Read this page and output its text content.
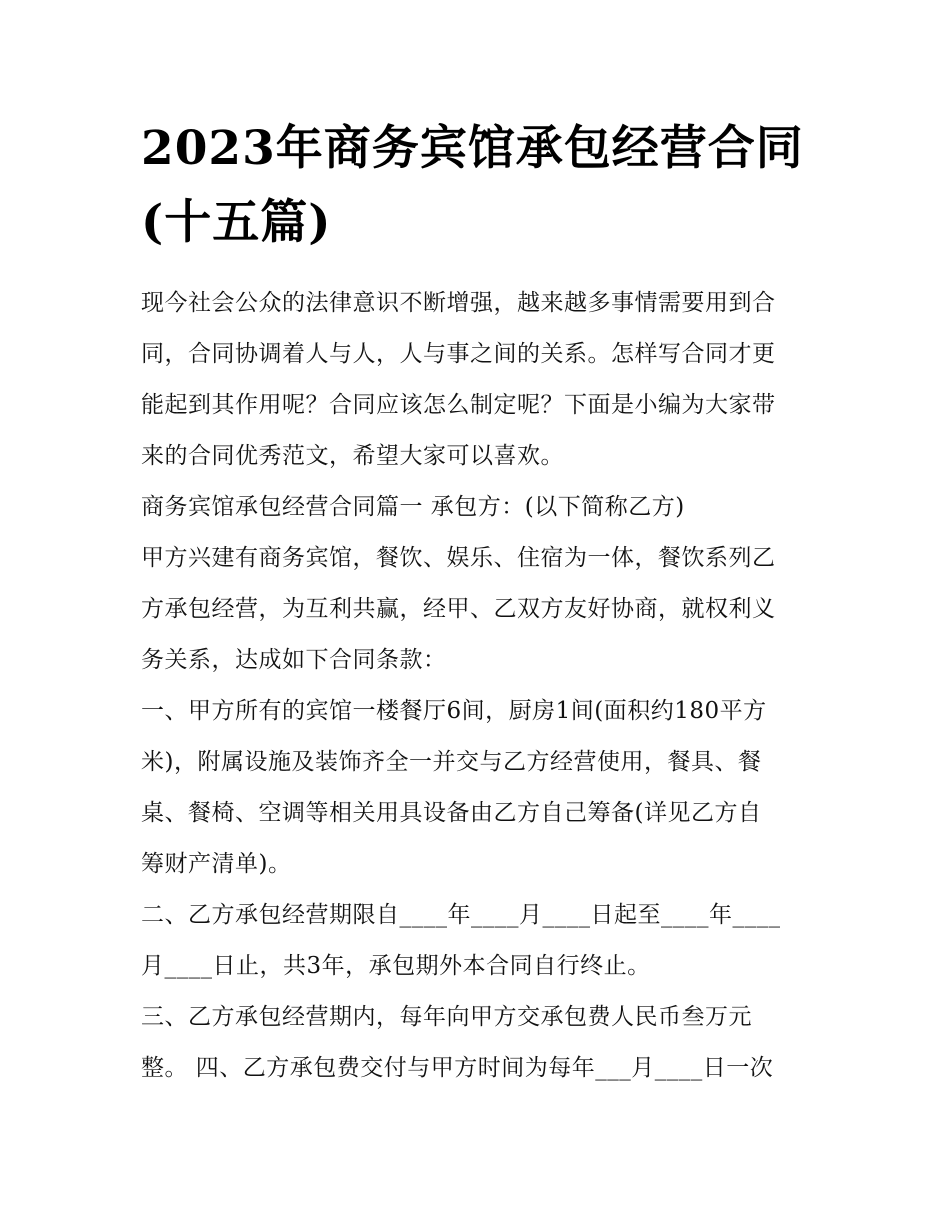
2023年商务宾馆承包经营合同
(十五篇)

现今社会公众的法律意识不断增强，越来越多事情需要用到合
同，合同协调着人与人，人与事之间的关系。怎样写合同才更
能起到其作用呢？合同应该怎么制定呢？下面是小编为大家带
来的合同优秀范文，希望大家可以喜欢。

商务宾馆承包经营合同篇一 承包方：(以下简称乙方)

甲方兴建有商务宾馆，餐饮、娱乐、住宿为一体，餐饮系列乙
方承包经营，为互利共赢，经甲、乙双方友好协商，就权利义
务关系，达成如下合同条款：

一、甲方所有的宾馆一楼餐厅6间，厨房1间(面积约180平方
米)，附属设施及装饰齐全一并交与乙方经营使用，餐具、餐
桌、餐椅、空调等相关用具设备由乙方自己筹备(详见乙方自
筹财产清单)。

二、乙方承包经营期限自____年____月____日起至____年____
月____日止，共3年，承包期外本合同自行终止。

三、乙方承包经营期内，每年向甲方交承包费人民币叁万元
整。 四、乙方承包费交付与甲方时间为每年___月____日一次
